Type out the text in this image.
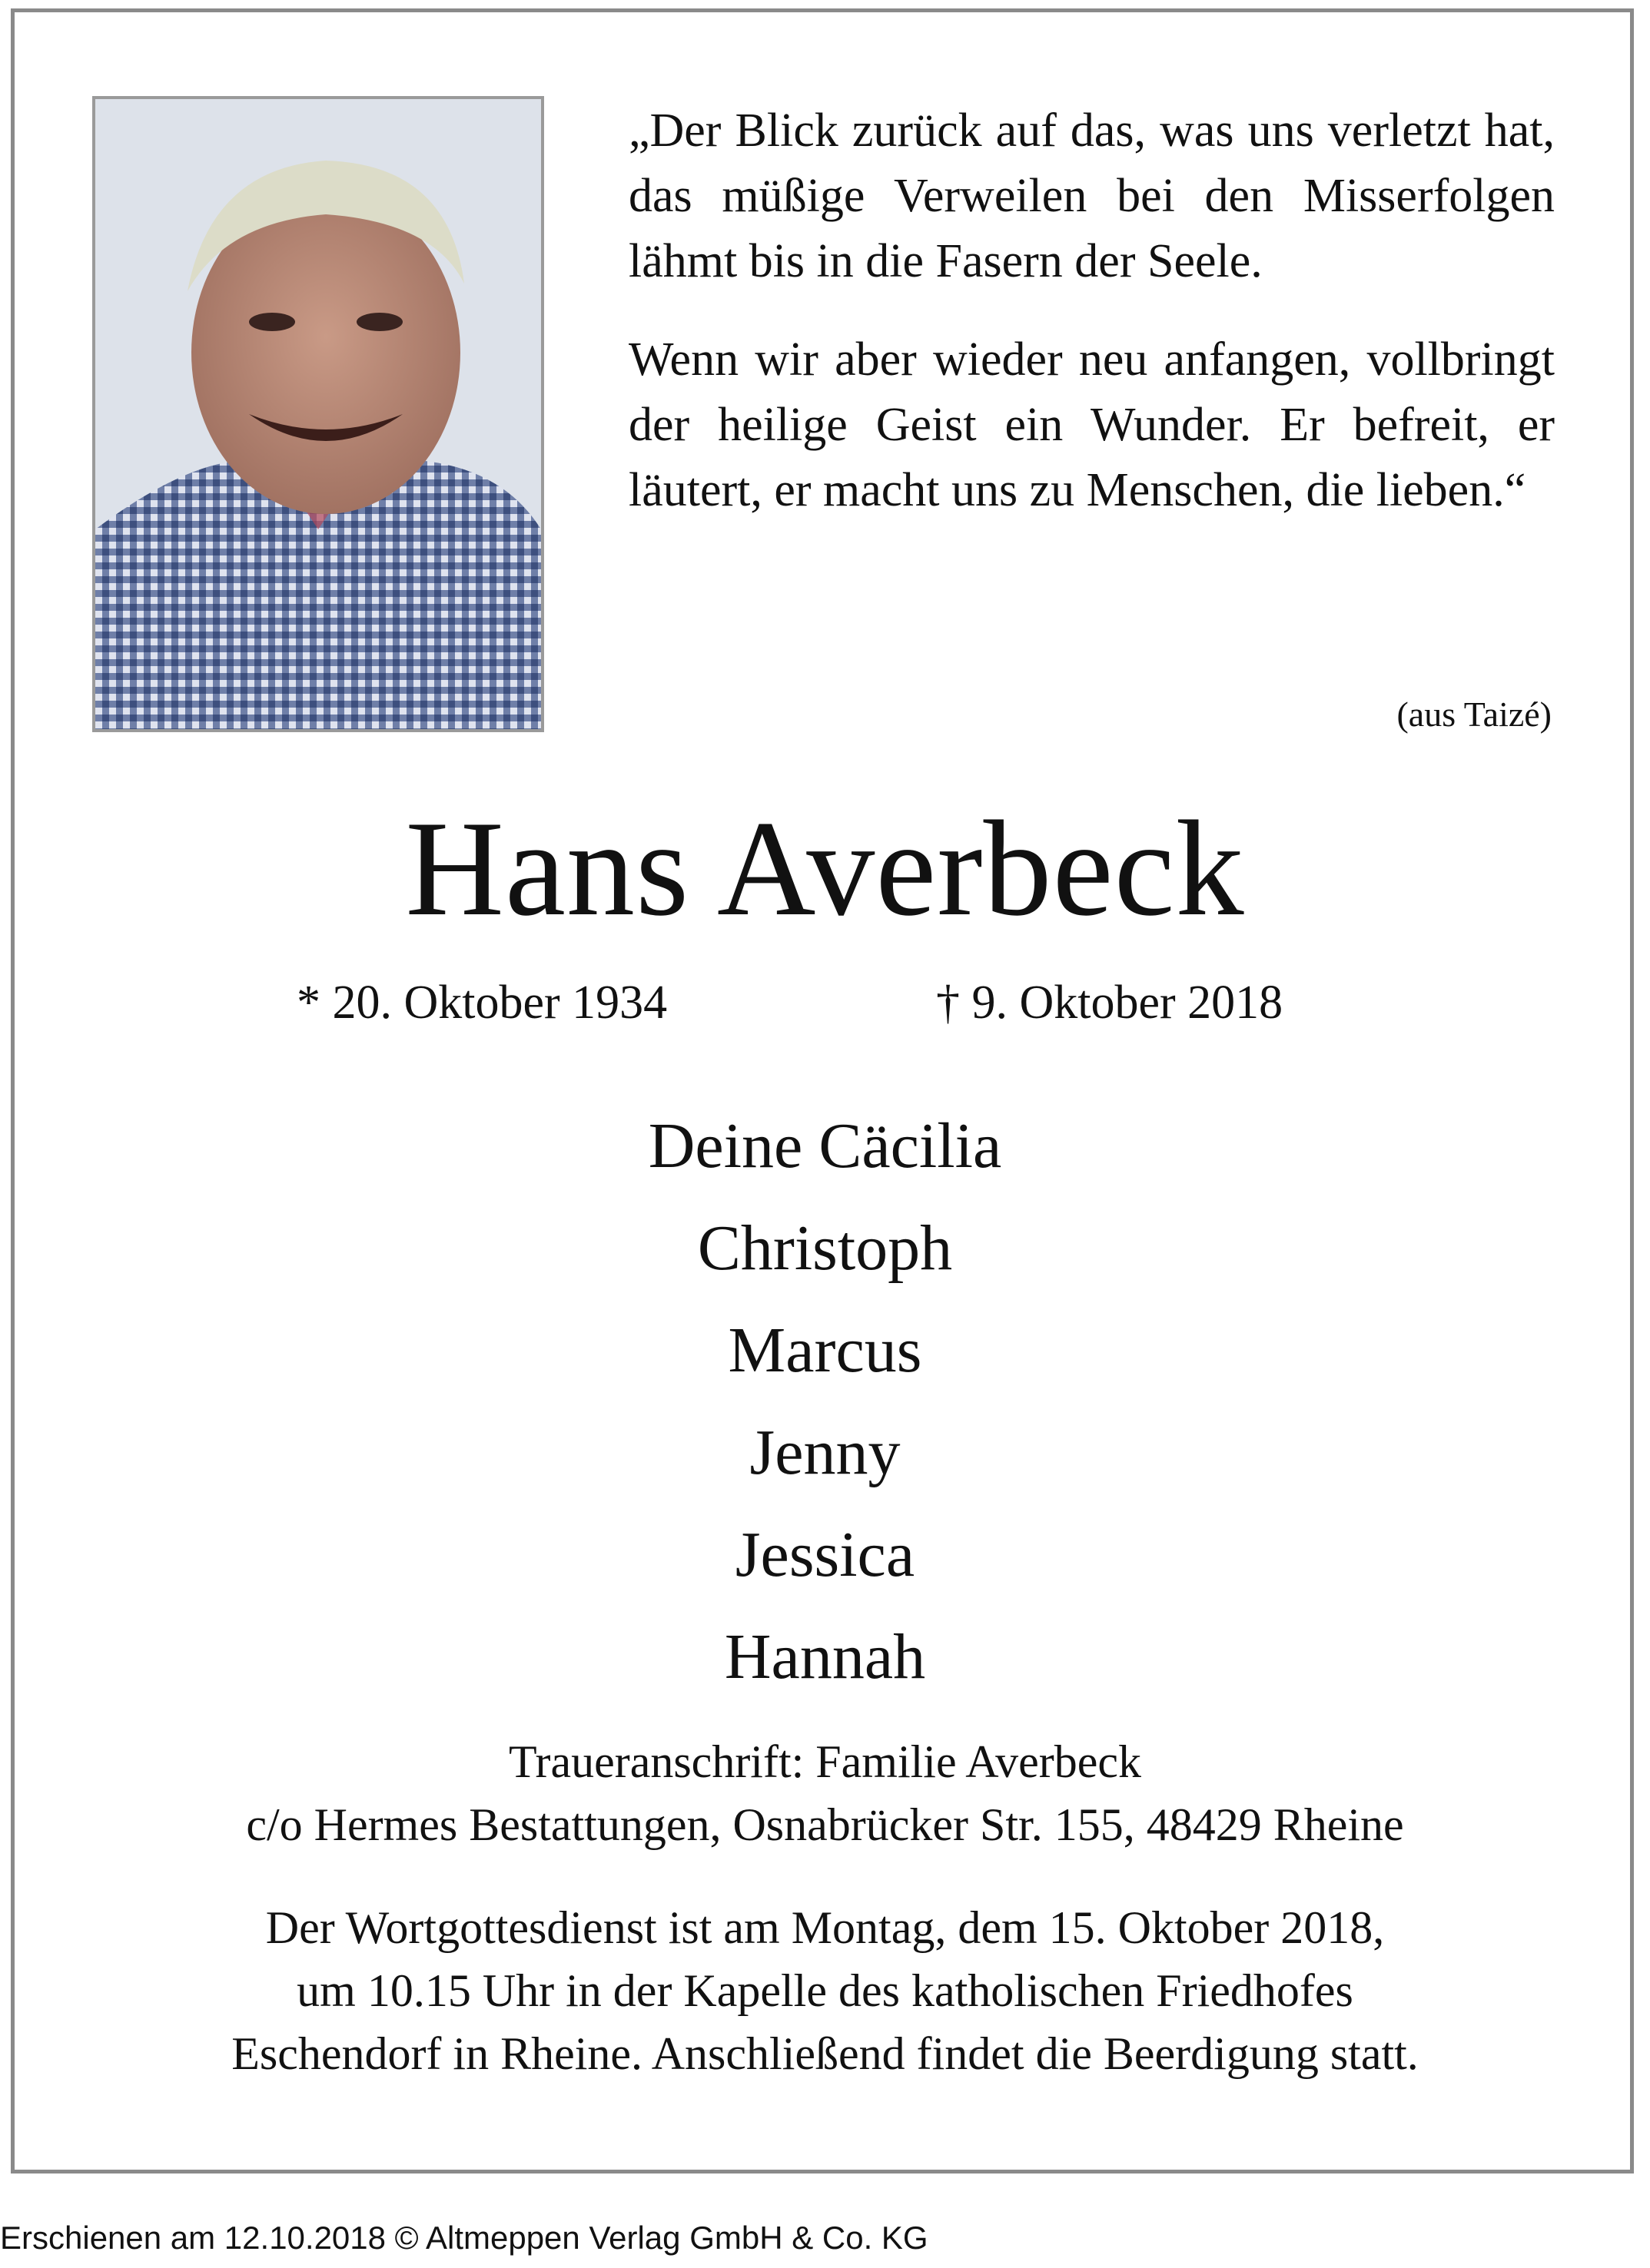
„Der Blick zurück auf das, was uns verletzt hat, das müßige Verweilen bei den Misserfolgen lähmt bis in die Fasern der Seele.

Wenn wir aber wieder neu anfangen, vollbringt der heilige Geist ein Wunder. Er befreit, er läutert, er macht uns zu Menschen, die lieben.“

(aus Taizé)
Hans Averbeck
* 20. Oktober 1934	† 9. Oktober 2018
Deine Cäcilia
Christoph
Marcus
Jenny
Jessica
Hannah
Traueranschrift: Familie Averbeck
c/o Hermes Bestattungen, Osnabrücker Str. 155, 48429 Rheine
Der Wortgottesdienst ist am Montag, dem 15. Oktober 2018,
um 10.15 Uhr in der Kapelle des katholischen Friedhofes
Eschendorf in Rheine. Anschließend findet die Beerdigung statt.
Erschienen am 12.10.2018 © Altmeppen Verlag GmbH & Co. KG
